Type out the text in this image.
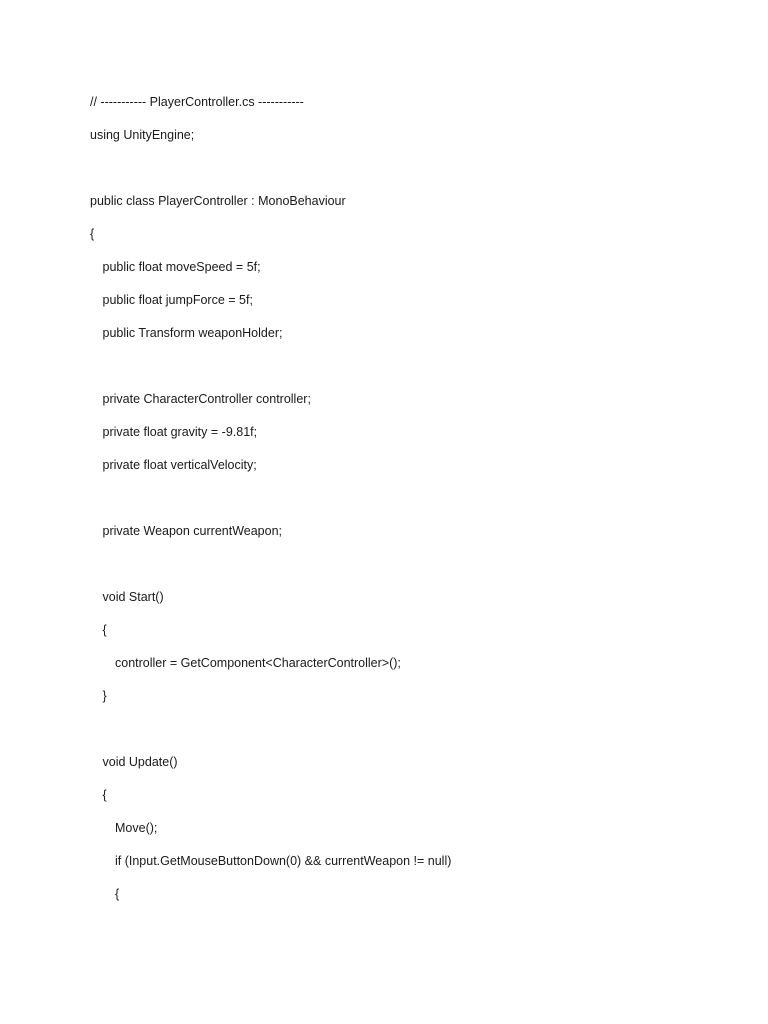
// ----------- PlayerController.cs -----------
using UnityEngine;
public class PlayerController : MonoBehaviour
{
public float moveSpeed = 5f;
public float jumpForce = 5f;
public Transform weaponHolder;
private CharacterController controller;
private float gravity = -9.81f;
private float verticalVelocity;
private Weapon currentWeapon;
void Start()
{
controller = GetComponent<CharacterController>();
}
void Update()
{
Move();
if (Input.GetMouseButtonDown(0) && currentWeapon != null)
{
